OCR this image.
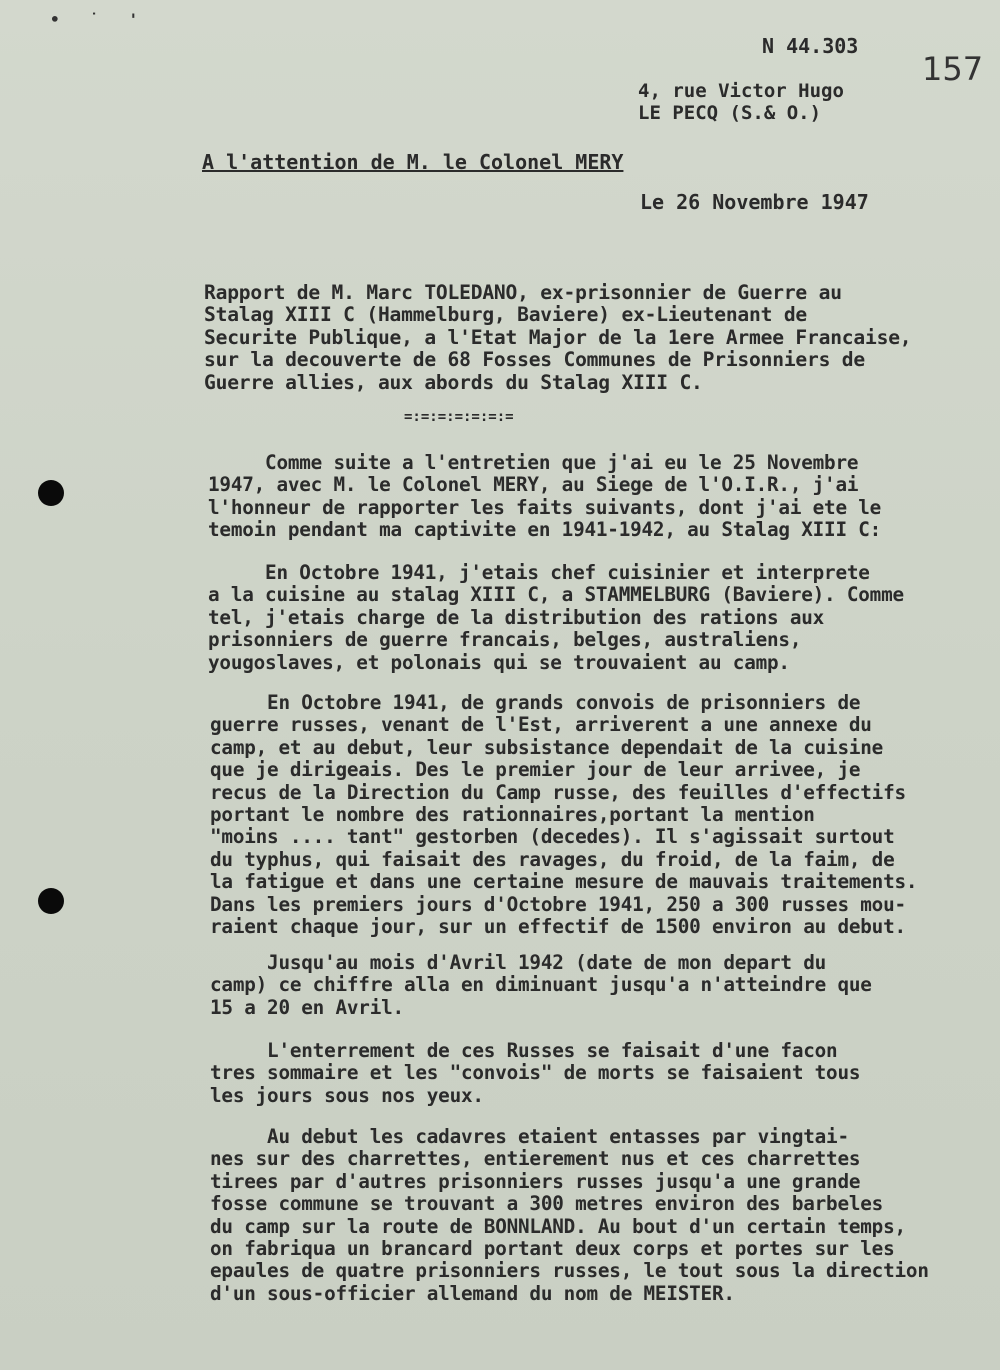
• ˙ '
N 44.303
157
4, rue Victor Hugo
LE PECQ (S.& O.)
A l'attention de M. le Colonel MERY
Le 26 Novembre 1947
Rapport de M. Marc TOLEDANO, ex-prisonnier de Guerre au
Stalag XIII C (Hammelburg, Baviere) ex-Lieutenant de
Securite Publique, a l'Etat Major de la 1ere Armee Francaise,
sur la decouverte de 68 Fosses Communes de Prisonniers de
Guerre allies, aux abords du Stalag XIII C.
=:=:=:=:=:=:=
Comme suite a l'entretien que j'ai eu le 25 Novembre
1947, avec M. le Colonel MERY, au Siege de l'O.I.R., j'ai
l'honneur de rapporter les faits suivants, dont j'ai ete le
temoin pendant ma captivite en 1941-1942, au Stalag XIII C:
En Octobre 1941, j'etais chef cuisinier et interprete
a la cuisine au stalag XIII C, a STAMMELBURG (Baviere). Comme
tel, j'etais charge de la distribution des rations aux
prisonniers de guerre francais, belges, australiens,
yougoslaves, et polonais qui se trouvaient au camp.
En Octobre 1941, de grands convois de prisonniers de
guerre russes, venant de l'Est, arriverent a une annexe du
camp, et au debut, leur subsistance dependait de la cuisine
que je dirigeais. Des le premier jour de leur arrivee, je
recus de la Direction du Camp russe, des feuilles d'effectifs
portant le nombre des rationnaires,portant la mention
"moins .... tant" gestorben (decedes). Il s'agissait surtout
du typhus, qui faisait des ravages, du froid, de la faim, de
la fatigue et dans une certaine mesure de mauvais traitements.
Dans les premiers jours d'Octobre 1941, 250 a 300 russes mou-
raient chaque jour, sur un effectif de 1500 environ au debut.
Jusqu'au mois d'Avril 1942 (date de mon depart du
camp) ce chiffre alla en diminuant jusqu'a n'atteindre que
15 a 20 en Avril.
L'enterrement de ces Russes se faisait d'une facon
tres sommaire et les "convois" de morts se faisaient tous
les jours sous nos yeux.
Au debut les cadavres etaient entasses par vingtai-
nes sur des charrettes, entierement nus et ces charrettes
tirees par d'autres prisonniers russes jusqu'a une grande
fosse commune se trouvant a 300 metres environ des barbeles
du camp sur la route de BONNLAND. Au bout d'un certain temps,
on fabriqua un brancard portant deux corps et portes sur les
epaules de quatre prisonniers russes, le tout sous la direction
d'un sous-officier allemand du nom de MEISTER.
